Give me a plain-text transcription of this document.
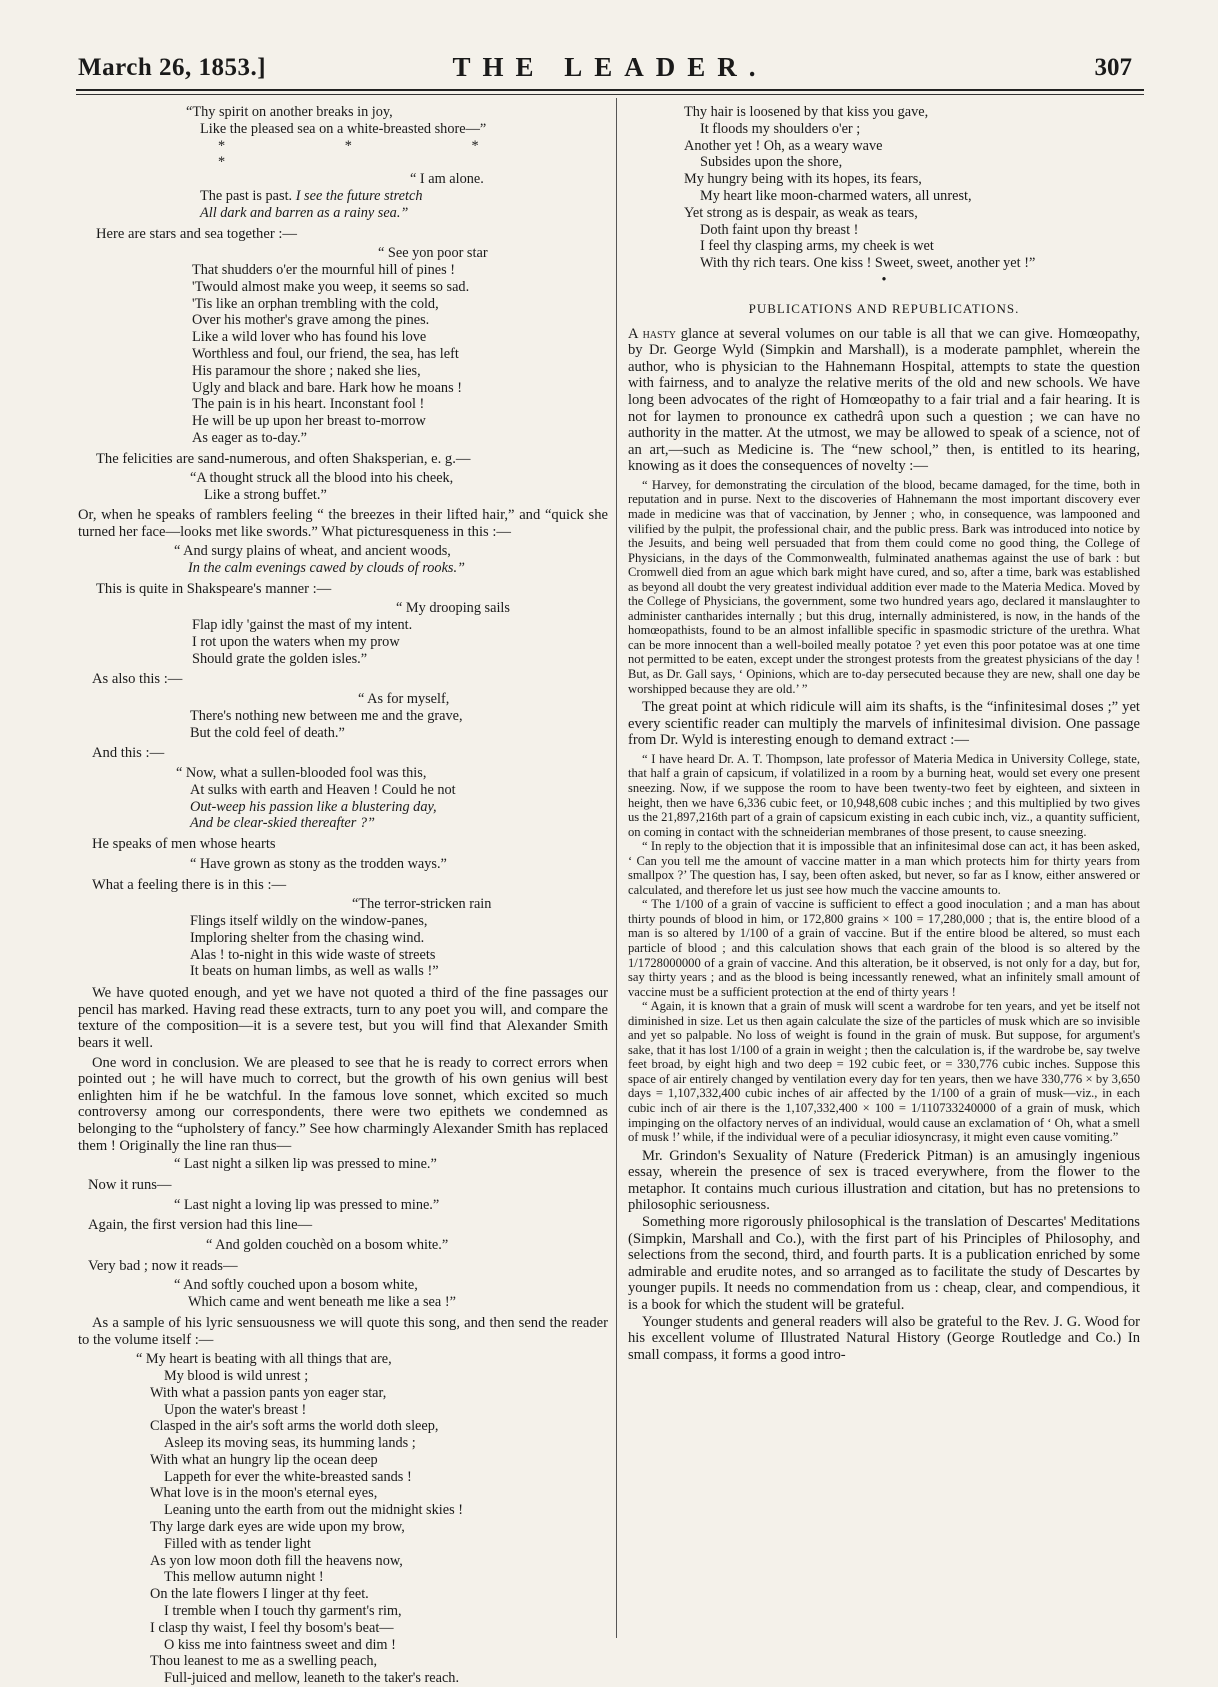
March 26, 1853.]	THE LEADER.	307

“Thy spirit on another breaks in joy,

Like the pleased sea on a white-breasted shore—”

* * * *

“ I am alone.

The past is past. I see the future stretch

All dark and barren as a rainy sea.”

Here are stars and sea together :—

“ See yon poor star

That shudders o'er the mournful hill of pines !

'Twould almost make you weep, it seems so sad.

'Tis like an orphan trembling with the cold,

Over his mother's grave among the pines.

Like a wild lover who has found his love

Worthless and foul, our friend, the sea, has left

His paramour the shore ; naked she lies,

Ugly and black and bare. Hark how he moans !

The pain is in his heart. Inconstant fool !

He will be up upon her breast to-morrow

As eager as to-day.”

The felicities are sand-numerous, and often Shaksperian, e. g.—

“A thought struck all the blood into his cheek,

Like a strong buffet.”

Or, when he speaks of ramblers feeling “ the breezes in their lifted hair,” and “quick she turned her face—looks met like swords.” What picturesqueness in this :—

“ And surgy plains of wheat, and ancient woods,

In the calm evenings cawed by clouds of rooks.”

This is quite in Shakspeare's manner :—

“ My drooping sails

Flap idly 'gainst the mast of my intent.

I rot upon the waters when my prow

Should grate the golden isles.”

As also this :—

“ As for myself,

There's nothing new between me and the grave,

But the cold feel of death.”

And this :—

“ Now, what a sullen-blooded fool was this,

At sulks with earth and Heaven ! Could he not

Out-weep his passion like a blustering day,

And be clear-skied thereafter ?”

He speaks of men whose hearts

“ Have grown as stony as the trodden ways.”

What a feeling there is in this :—

“The terror-stricken rain

Flings itself wildly on the window-panes,

Imploring shelter from the chasing wind.

Alas ! to-night in this wide waste of streets

It beats on human limbs, as well as walls !”

We have quoted enough, and yet we have not quoted a third of the fine passages our pencil has marked. Having read these extracts, turn to any poet you will, and compare the texture of the composition—it is a severe test, but you will find that Alexander Smith bears it well.

One word in conclusion. We are pleased to see that he is ready to correct errors when pointed out ; he will have much to correct, but the growth of his own genius will best enlighten him if he be watchful. In the famous love sonnet, which excited so much controversy among our correspondents, there were two epithets we condemned as belonging to the “upholstery of fancy.” See how charmingly Alexander Smith has replaced them ! Originally the line ran thus—

“ Last night a silken lip was pressed to mine.”

Now it runs—

“ Last night a loving lip was pressed to mine.”

Again, the first version had this line—

“ And golden couchèd on a bosom white.”

Very bad ; now it reads—

“ And softly couched upon a bosom white,

Which came and went beneath me like a sea !”

As a sample of his lyric sensuousness we will quote this song, and then send the reader to the volume itself :—

“ My heart is beating with all things that are,

My blood is wild unrest ;

With what a passion pants yon eager star,

Upon the water's breast !

Clasped in the air's soft arms the world doth sleep,

Asleep its moving seas, its humming lands ;

With what an hungry lip the ocean deep

Lappeth for ever the white-breasted sands !

What love is in the moon's eternal eyes,

Leaning unto the earth from out the midnight skies !

Thy large dark eyes are wide upon my brow,

Filled with as tender light

As yon low moon doth fill the heavens now,

This mellow autumn night !

On the late flowers I linger at thy feet.

I tremble when I touch thy garment's rim,

I clasp thy waist, I feel thy bosom's beat—

O kiss me into faintness sweet and dim !

Thou leanest to me as a swelling peach,

Full-juiced and mellow, leaneth to the taker's reach.

Thy hair is loosened by that kiss you gave,

It floods my shoulders o'er ;

Another yet ! Oh, as a weary wave

Subsides upon the shore,

My hungry being with its hopes, its fears,

My heart like moon-charmed waters, all unrest,

Yet strong as is despair, as weak as tears,

Doth faint upon thy breast !

I feel thy clasping arms, my cheek is wet

With thy rich tears. One kiss ! Sweet, sweet, another yet !”

•

PUBLICATIONS AND REPUBLICATIONS.

A hasty glance at several volumes on our table is all that we can give. Homœopathy, by Dr. George Wyld (Simpkin and Marshall), is a moderate pamphlet, wherein the author, who is physician to the Hahnemann Hospital, attempts to state the question with fairness, and to analyze the relative merits of the old and new schools. We have long been advocates of the right of Homœopathy to a fair trial and a fair hearing. It is not for laymen to pronounce ex cathedrâ upon such a question ; we can have no authority in the matter. At the utmost, we may be allowed to speak of a science, not of an art,—such as Medicine is. The “new school,” then, is entitled to its hearing, knowing as it does the consequences of novelty :—

“ Harvey, for demonstrating the circulation of the blood, became damaged, for the time, both in reputation and in purse. Next to the discoveries of Hahnemann the most important discovery ever made in medicine was that of vaccination, by Jenner ; who, in consequence, was lampooned and vilified by the pulpit, the professional chair, and the public press. Bark was introduced into notice by the Jesuits, and being well persuaded that from them could come no good thing, the College of Physicians, in the days of the Commonwealth, fulminated anathemas against the use of bark : but Cromwell died from an ague which bark might have cured, and so, after a time, bark was established as beyond all doubt the very greatest individual addition ever made to the Materia Medica. Moved by the College of Physicians, the government, some two hundred years ago, declared it manslaughter to administer cantharides internally ; but this drug, internally administered, is now, in the hands of the homœopathists, found to be an almost infallible specific in spasmodic stricture of the urethra. What can be more innocent than a well-boiled meally potatoe ? yet even this poor potatoe was at one time not permitted to be eaten, except under the strongest protests from the greatest physicians of the day ! But, as Dr. Gall says, ‘ Opinions, which are to-day persecuted because they are new, shall one day be worshipped because they are old.’ ”

The great point at which ridicule will aim its shafts, is the “infinitesimal doses ;” yet every scientific reader can multiply the marvels of infinitesimal division. One passage from Dr. Wyld is interesting enough to demand extract :—

“ I have heard Dr. A. T. Thompson, late professor of Materia Medica in University College, state, that half a grain of capsicum, if volatilized in a room by a burning heat, would set every one present sneezing. Now, if we suppose the room to have been twenty-two feet by eighteen, and sixteen in height, then we have 6,336 cubic feet, or 10,948,608 cubic inches ; and this multiplied by two gives us the 21,897,216th part of a grain of capsicum existing in each cubic inch, viz., a quantity sufficient, on coming in contact with the schneiderian membranes of those present, to cause sneezing.

“ In reply to the objection that it is impossible that an infinitesimal dose can act, it has been asked, ‘ Can you tell me the amount of vaccine matter in a man which protects him for thirty years from smallpox ?’ The question has, I say, been often asked, but never, so far as I know, either answered or calculated, and therefore let us just see how much the vaccine amounts to.

“ The 1/100 of a grain of vaccine is sufficient to effect a good inoculation ; and a man has about thirty pounds of blood in him, or 172,800 grains × 100 = 17,280,000 ; that is, the entire blood of a man is so altered by 1/100 of a grain of vaccine. But if the entire blood be altered, so must each particle of blood ; and this calculation shows that each grain of the blood is so altered by the 1/1728000000 of a grain of vaccine. And this alteration, be it observed, is not only for a day, but for, say thirty years ; and as the blood is being incessantly renewed, what an infinitely small amount of vaccine must be a sufficient protection at the end of thirty years !

“ Again, it is known that a grain of musk will scent a wardrobe for ten years, and yet be itself not diminished in size. Let us then again calculate the size of the particles of musk which are so invisible and yet so palpable. No loss of weight is found in the grain of musk. But suppose, for argument's sake, that it has lost 1/100 of a grain in weight ; then the calculation is, if the wardrobe be, say twelve feet broad, by eight high and two deep = 192 cubic feet, or = 330,776 cubic inches. Suppose this space of air entirely changed by ventilation every day for ten years, then we have 330,776 × by 3,650 days = 1,107,332,400 cubic inches of air affected by the 1/100 of a grain of musk—viz., in each cubic inch of air there is the 1,107,332,400 × 100 = 1/110733240000 of a grain of musk, which impinging on the olfactory nerves of an individual, would cause an exclamation of ‘ Oh, what a smell of musk !’ while, if the individual were of a peculiar idiosyncrasy, it might even cause vomiting.”

Mr. Grindon's Sexuality of Nature (Frederick Pitman) is an amusingly ingenious essay, wherein the presence of sex is traced everywhere, from the flower to the metaphor. It contains much curious illustration and citation, but has no pretensions to philosophic seriousness.

Something more rigorously philosophical is the translation of Descartes' Meditations (Simpkin, Marshall and Co.), with the first part of his Principles of Philosophy, and selections from the second, third, and fourth parts. It is a publication enriched by some admirable and erudite notes, and so arranged as to facilitate the study of Descartes by younger pupils. It needs no commendation from us : cheap, clear, and compendious, it is a book for which the student will be grateful.

Younger students and general readers will also be grateful to the Rev. J. G. Wood for his excellent volume of Illustrated Natural History (George Routledge and Co.) In small compass, it forms a good intro-
